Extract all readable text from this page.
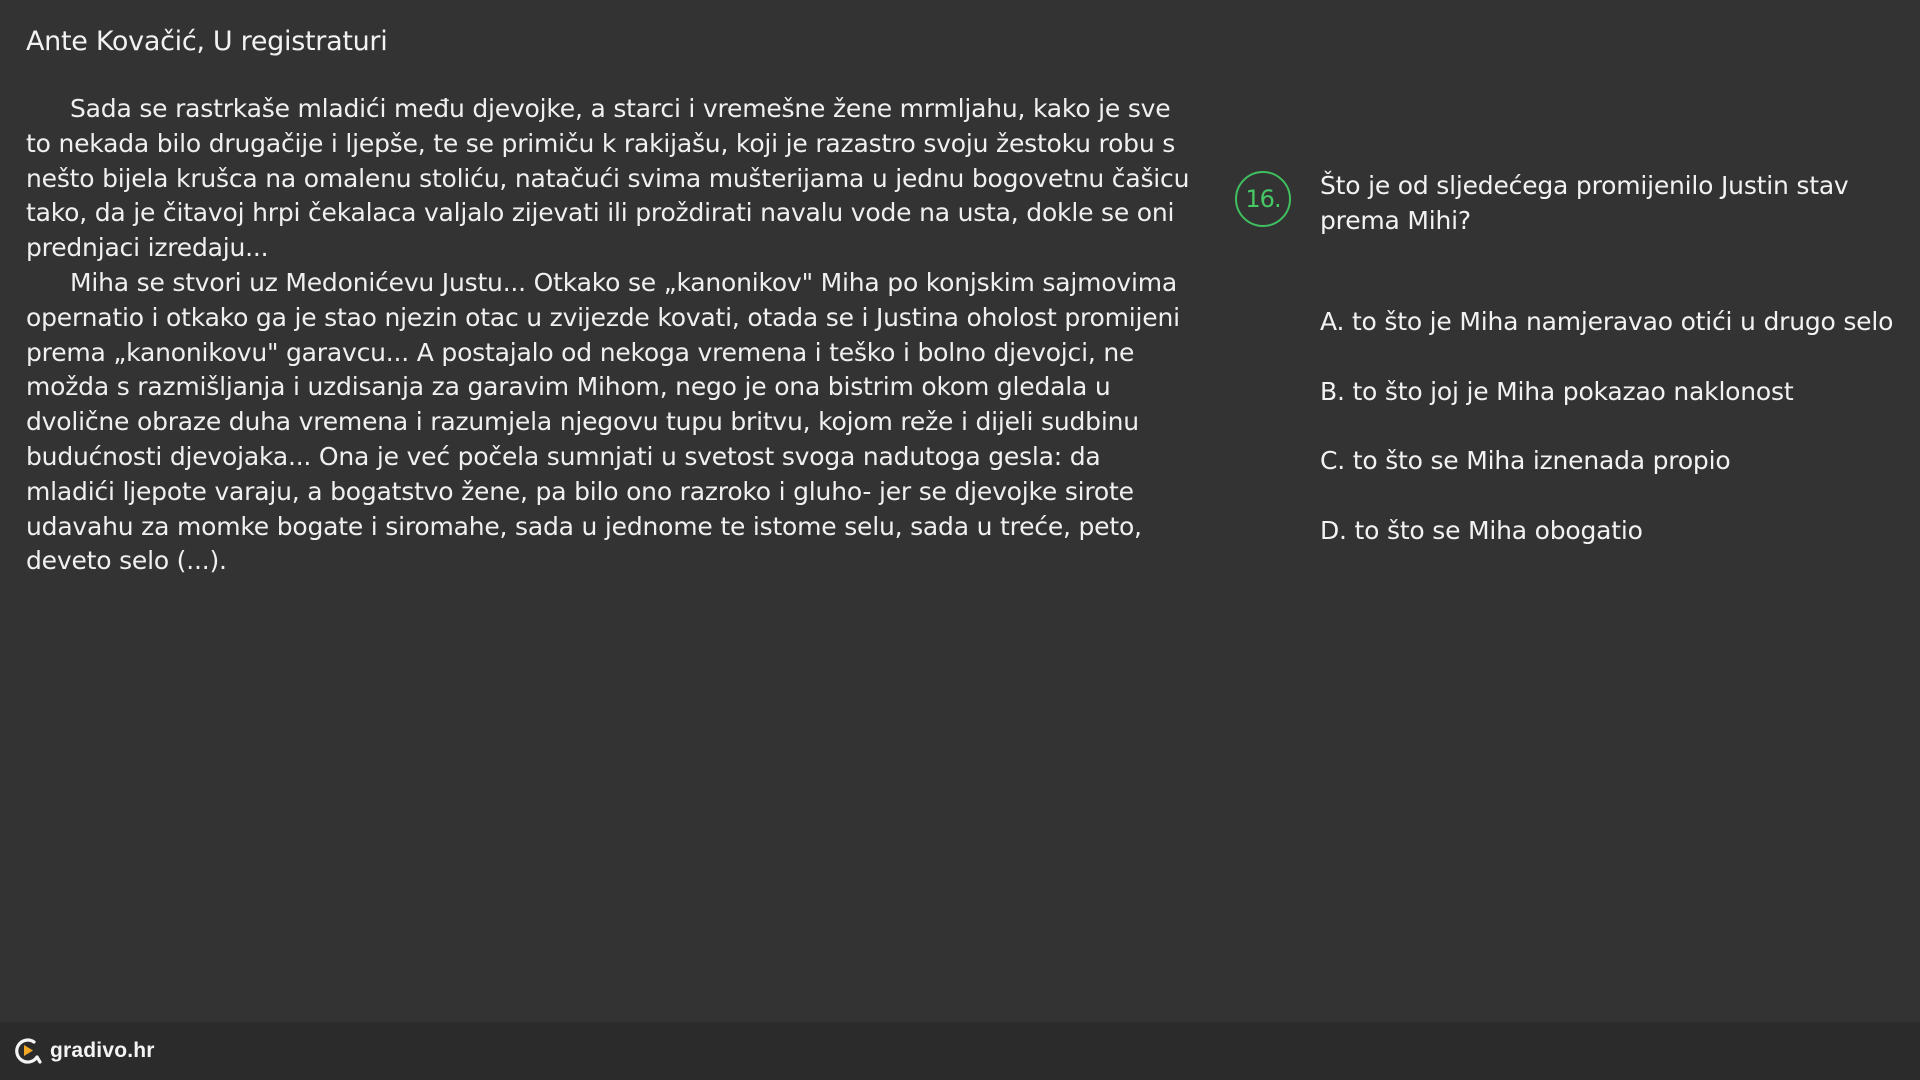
Ante Kovačić, U registraturi

Sada se rastrkaše mladići među djevojke, a starci i vremešne žene mrmljahu, kako je sve to nekada bilo drugačije i ljepše, te se primiču k rakijašu, koji je razastro svoju žestoku robu s nešto bijela krušca na omalenu stoliću, natačući svima mušterijama u jednu bogovetnu čašicu tako, da je čitavoj hrpi čekalaca valjalo zijevati ili proždirati navalu vode na usta, dokle se oni prednjaci izredaju...

Miha se stvori uz Medonićevu Justu... Otkako se „kanonikov" Miha po konjskim sajmovima opernatio i otkako ga je stao njezin otac u zvijezde kovati, otada se i Justina oholost promijeni prema „kanonikovu" garavcu... A postajalo od nekoga vremena i teško i bolno djevojci, ne možda s razmišljanja i uzdisanja za garavim Mihom, nego je ona bistrim okom gledala u dvolične obraze duha vremena i razumjela njegovu tupu britvu, kojom reže i dijeli sudbinu budućnosti djevojaka... Ona je već počela sumnjati u svetost svoga nadutoga gesla: da mladići ljepote varaju, a bogatstvo žene, pa bilo ono razroko i gluho- jer se djevojke sirote udavahu za momke bogate i siromahe, sada u jednome te istome selu, sada u treće, peto, deveto selo (...).

16.	Što je od sljedećega promijenilo Justin stav prema Mihi?
A. to što je Miha namjeravao otići u drugo selo
B. to što joj je Miha pokazao naklonost
C. to što se Miha iznenada propio
D. to što se Miha obogatio
gradivo.hr
